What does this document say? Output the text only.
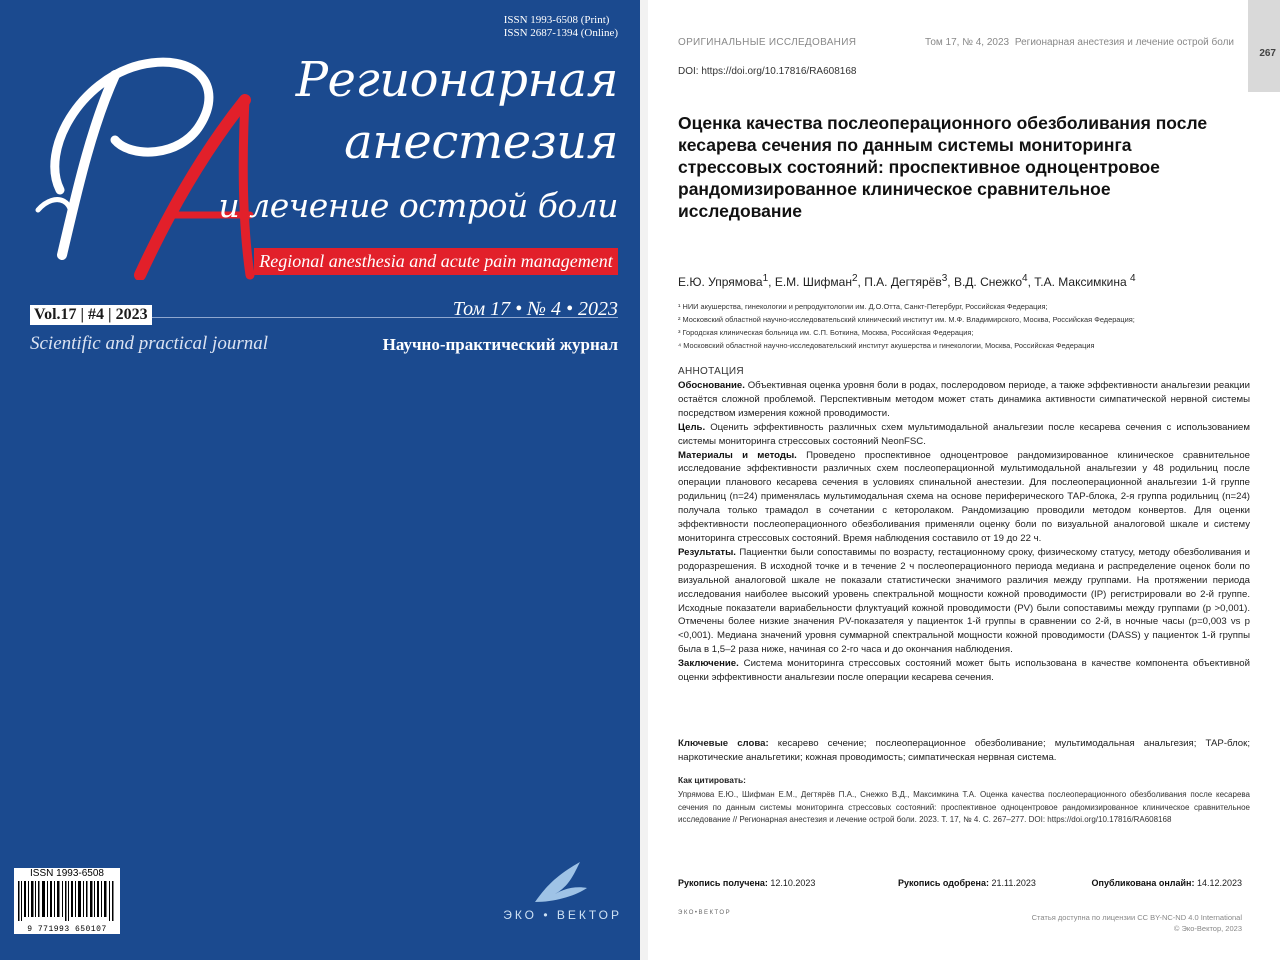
ISSN 1993-6508 (Print)
ISSN 2687-1394 (Online)
Регионарная
анестезия
и лечение острой боли
Regional anesthesia and acute pain management
Vol.17 | #4 | 2023	Том 17 • № 4 • 2023
Scientific and practical journal	Научно-практический журнал
ISSN 1993-6508
9 771993 650107
ЭКО • ВЕКТОР
ОРИГИНАЛЬНЫЕ ИССЛЕДОВАНИЯ	Том 17, № 4, 2023 Регионарная анестезия и лечение острой боли
267
DOI: https://doi.org/10.17816/RA608168
Оценка качества послеоперационного обезболивания после кесарева сечения по данным системы мониторинга стрессовых состояний: проспективное одноцентровое рандомизированное клиническое сравнительное исследование
Е.Ю. Упрямова$^1$, Е.М. Шифман$^2$, П.А. Дегтярёв$^3$, В.Д. Снежко$^4$, Т.А. Максимкина $^4$
¹ НИИ акушерства, гинекологии и репродуктологии им. Д.О.Отта, Санкт-Петербург, Российская Федерация;
² Московский областной научно-исследовательский клинический институт им. М.Ф. Владимирского, Москва, Российская Федерация;
³ Городская клиническая больница им. С.П. Боткина, Москва, Российская Федерация;
⁴ Московский областной научно-исследовательский институт акушерства и гинекологии, Москва, Российская Федерация
АННОТАЦИЯ

Обоснование. Объективная оценка уровня боли в родах, послеродовом периоде, а также эффективности анальгезии реакции остаётся сложной проблемой. Перспективным методом может стать динамика активности симпатической нервной системы посредством измерения кожной проводимости.

Цель. Оценить эффективность различных схем мультимодальной анальгезии после кесарева сечения с использованием системы мониторинга стрессовых состояний NeonFSC.

Материалы и методы. Проведено проспективное одноцентровое рандомизированное клиническое сравнительное исследование эффективности различных схем послеоперационной мультимодальной анальгезии у 48 родильниц после операции планового кесарева сечения в условиях спинальной анестезии. Для послеоперационной анальгезии 1-й группе родильниц (n=24) применялась мультимодальная схема на основе периферического ТАР-блока, 2-я группа родильниц (n=24) получала только трамадол в сочетании с кеторолаком. Рандомизацию проводили методом конвертов. Для оценки эффективности послеоперационного обезболивания применяли оценку боли по визуальной аналоговой шкале и систему мониторинга стрессовых состояний. Время наблюдения составило от 19 до 22 ч.

Результаты. Пациентки были сопоставимы по возрасту, гестационному сроку, физическому статусу, методу обезболивания и родоразрешения. В исходной точке и в течение 2 ч послеоперационного периода медиана и распределение оценок боли по визуальной аналоговой шкале не показали статистически значимого различия между группами. На протяжении периода исследования наиболее высокий уровень спектральной мощности кожной проводимости (IP) регистрировали во 2-й группе. Исходные показатели вариабельности флуктуаций кожной проводимости (PV) были сопоставимы между группами (p >0,001). Отмечены более низкие значения PV-показателя у пациенток 1-й группы в сравнении со 2-й, в ночные часы (p=0,003 vs p <0,001). Медиана значений уровня суммарной спектральной мощности кожной проводимости (DASS) у пациенток 1-й группы была в 1,5–2 раза ниже, начиная со 2-го часа и до окончания наблюдения.

Заключение. Система мониторинга стрессовых состояний может быть использована в качестве компонента объективной оценки эффективности анальгезии после операции кесарева сечения.

Ключевые слова: кесарево сечение; послеоперационное обезболивание; мультимодальная анальгезия; ТАР-блок; наркотические анальгетики; кожная проводимость; симпатическая нервная система.
Как цитировать:
Упрямова Е.Ю., Шифман Е.М., Дегтярёв П.А., Снежко В.Д., Максимкина Т.А. Оценка качества послеоперационного обезболивания после кесарева сечения по данным системы мониторинга стрессовых состояний: проспективное одноцентровое рандомизированное клиническое сравнительное исследование // Регионарная анестезия и лечение острой боли. 2023. Т. 17, № 4. С. 267–277. DOI: https://doi.org/10.17816/RA608168
Рукопись получена: 12.10.2023	Рукопись одобрена: 21.11.2023	Опубликована онлайн: 14.12.2023
ЭКО•ВЕКТОР	Статья доступна по лицензии CC BY-NC-ND 4.0 International
© Эко-Вектор, 2023
